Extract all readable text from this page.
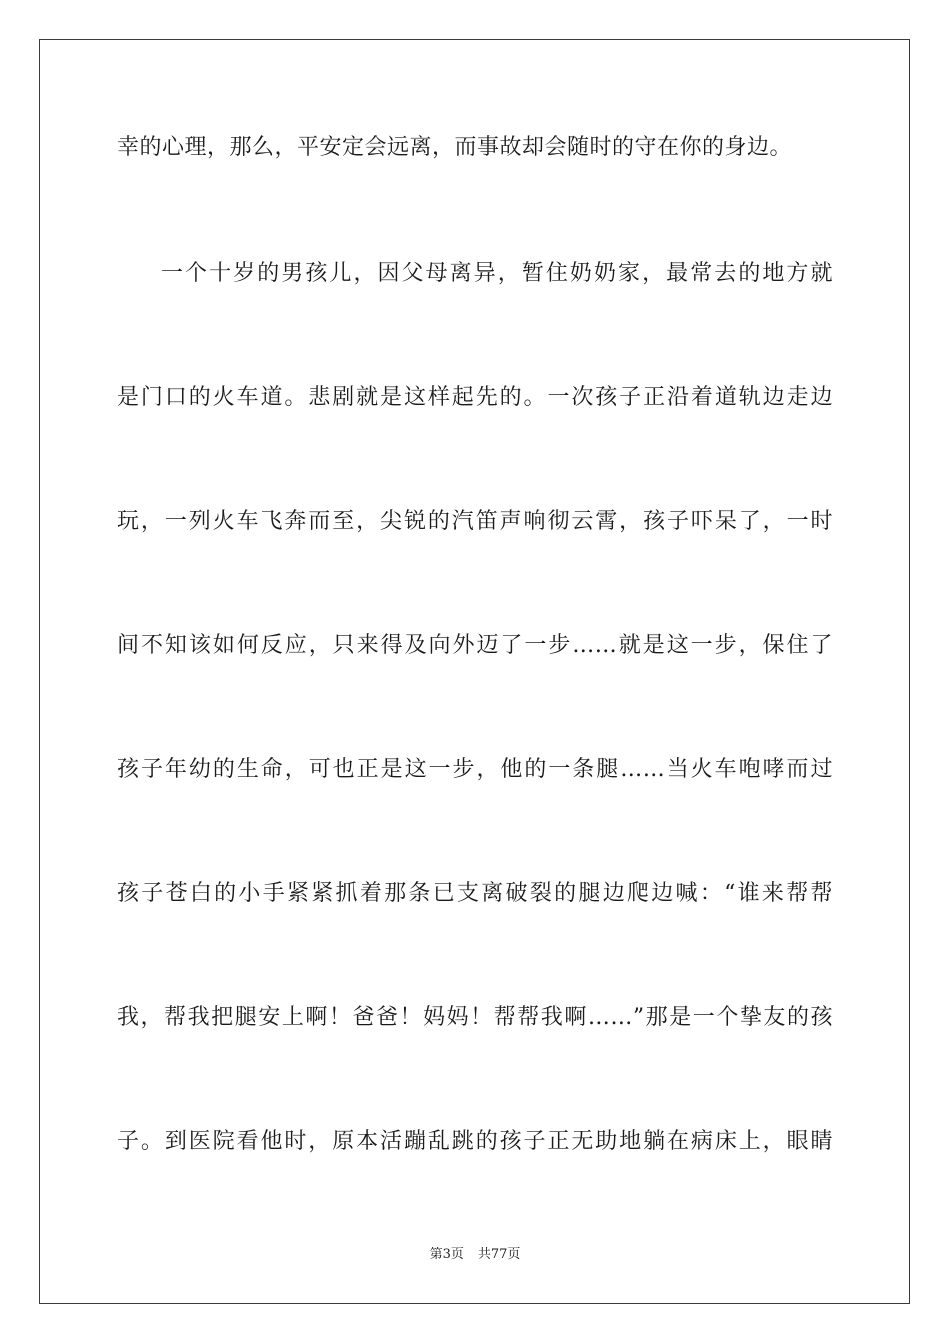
幸的心理，那么，平安定会远离，而事故却会随时的守在你的身边。
一个十岁的男孩儿，因父母离异，暂住奶奶家，最常去的地方就
是门口的火车道。悲剧就是这样起先的。一次孩子正沿着道轨边走边
玩，一列火车飞奔而至，尖锐的汽笛声响彻云霄，孩子吓呆了，一时
间不知该如何反应，只来得及向外迈了一步……就是这一步，保住了
孩子年幼的生命，可也正是这一步，他的一条腿……当火车咆哮而过
孩子苍白的小手紧紧抓着那条已支离破裂的腿边爬边喊：“谁来帮帮
我，帮我把腿安上啊！爸爸！妈妈！帮帮我啊……”那是一个挚友的孩
子。到医院看他时，原本活蹦乱跳的孩子正无助地躺在病床上，眼睛
第3页 共77页
